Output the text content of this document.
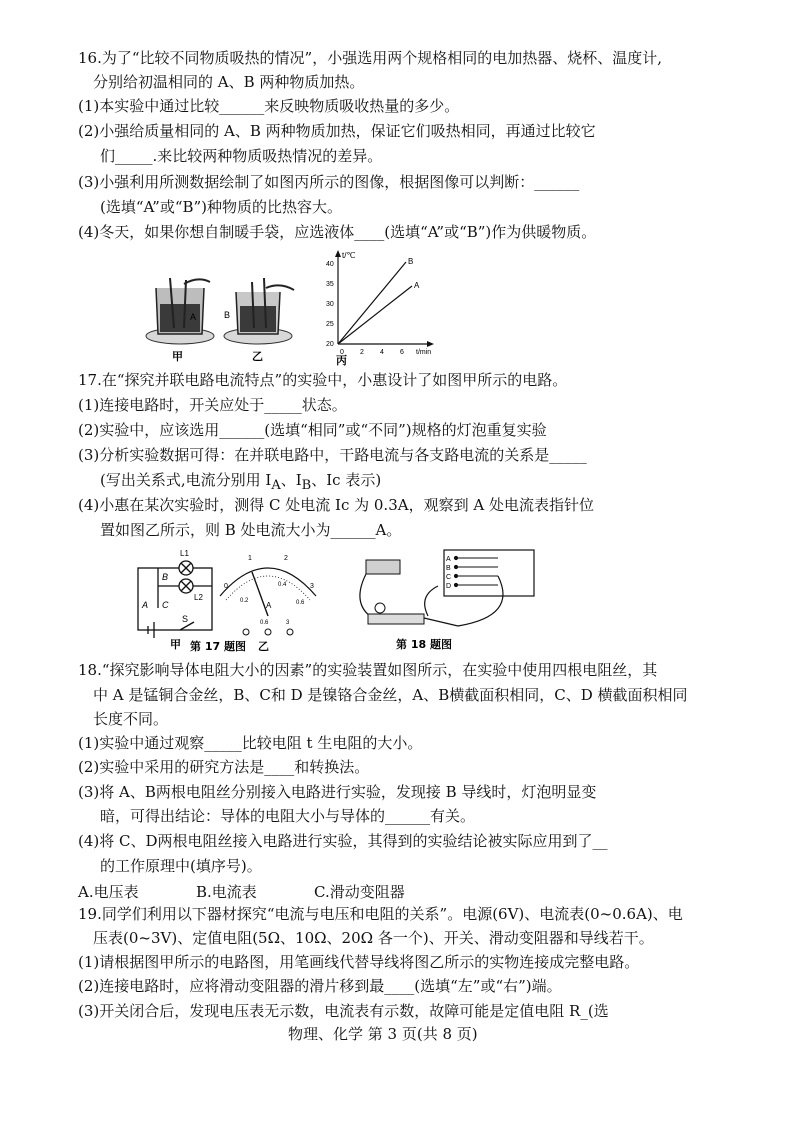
16.为了“比较不同物质吸热的情况”，小强选用两个规格相同的电加热器、烧杯、温度计,
分别给初温相同的 A、B 两种物质加热。
(1)本实验中通过比较______来反映物质吸收热量的多少。
(2)小强给质量相同的 A、B 两种物质加热，保证它们吸热相同，再通过比较它
们_____.来比较两种物质吸热情况的差异。
(3)小强利用所测数据绘制了如图丙所示的图像，根据图像可以判断：______
(选填“A”或“B”)种物质的比热容大。
(4)冬天，如果你想自制暖手袋，应选液体____(选填“A”或“B”)作为供暖物质。
A
甲
B
乙
B
A
t/℃
t/min
40
35
30
25
20
0 2 4 6
丙
17.在“探究并联电路电流特点”的实验中，小惠设计了如图甲所示的电路。
(1)连接电路时，开关应处于_____状态。
(2)实验中，应该选用______(选填“相同”或“不同”)规格的灯泡重复实验
(3)分析实验数据可得：在并联电路中，干路电流与各支路电流的关系是_____
(写出关系式,电流分别用 $I_A$、$I_B$、Ic 表示)
(4)小惠在某次实验时，测得 C 处电流 Ic 为 0.3A，观察到 A 处电流表指针位
置如图乙所示，则 B 处电流大小为______A。
L1
L2
B
A C
S
甲
0
1	2
3
0.2
0.4
0.6
A
0.6	3
乙
第 17 题图
A
B
C
D
第 18 题图
18.“探究影响导体电阻大小的因素”的实验装置如图所示，在实验中使用四根电阻丝，其
中 A 是锰铜合金丝，B、C和 D 是镍铬合金丝，A、B横截面积相同，C、D 横截面积相同
长度不同。
(1)实验中通过观察_____比较电阻 t 生电阻的大小。
(2)实验中采用的研究方法是____和转换法。
(3)将 A、B两根电阻丝分别接入电路进行实验，发现接 B 导线时，灯泡明显变
暗，可得出结论：导体的电阻大小与导体的______有关。
(4)将 C、D两根电阻丝接入电路进行实验，其得到的实验结论被实际应用到了__
的工作原理中(填序号)。
A.电压表	B.电流表	C.滑动变阻器
19.同学们利用以下器材探究“电流与电压和电阻的关系”。电源(6V)、电流表(0~0.6A)、电
压表(0~3V)、定值电阻(5Ω、10Ω、20Ω 各一个)、开关、滑动变阻器和导线若干。
(1)请根据图甲所示的电路图，用笔画线代替导线将图乙所示的实物连接成完整电路。
(2)连接电路时，应将滑动变阻器的滑片移到最____(选填“左”或“右”)端。
(3)开关闭合后，发现电压表无示数，电流表有示数，故障可能是定值电阻 R_(选
物理、化学 第 3 页(共 8 页)
